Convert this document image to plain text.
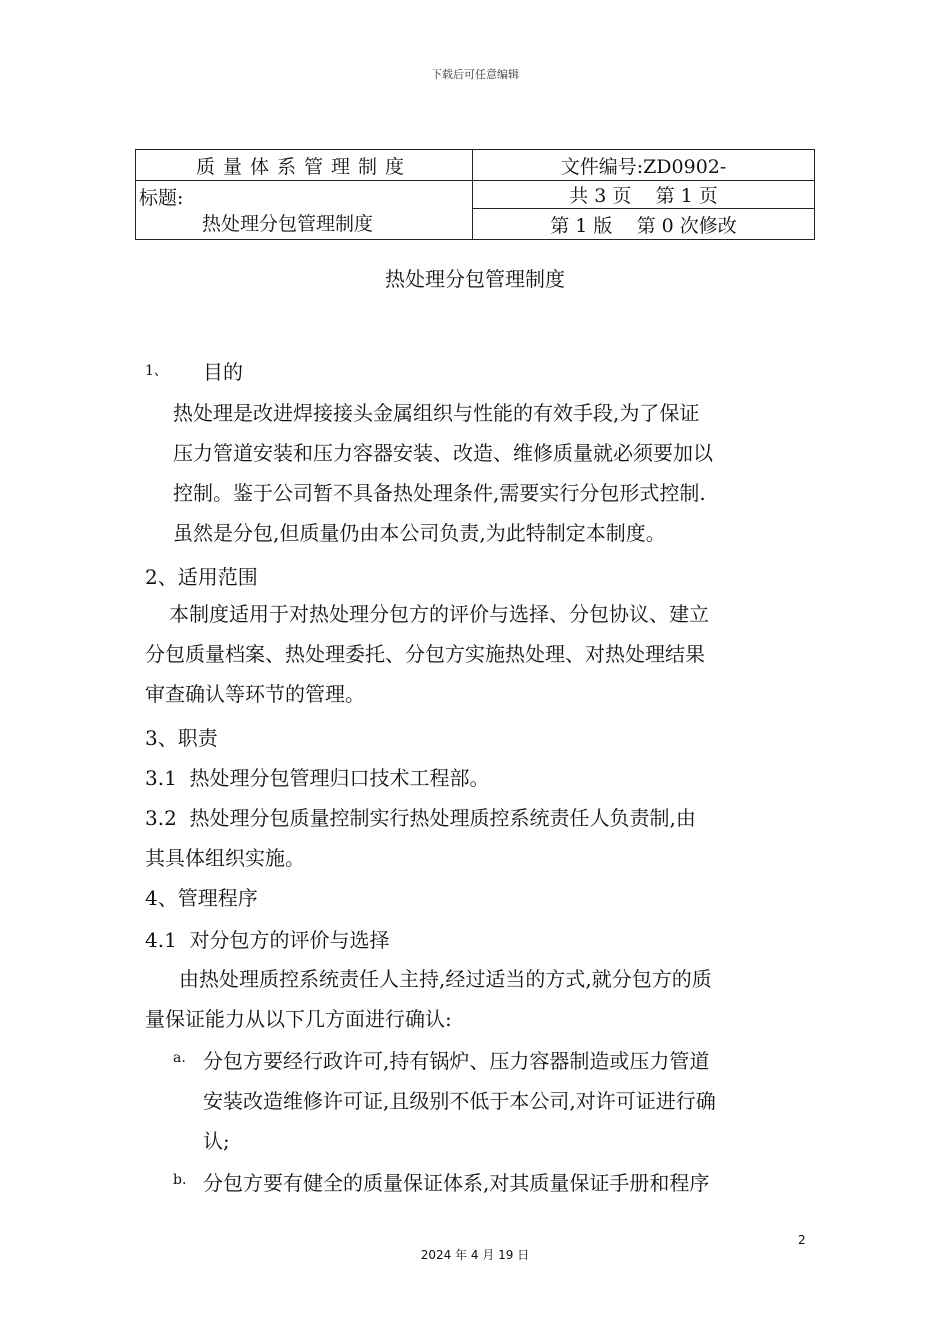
下载后可任意编辑
质量体系管理制度	文件编号:ZD0902-

标题:
热处理分包管理制度	共 3 页    第 1 页
	第 1 版    第 0 次修改
热处理分包管理制度
1、 目的
热处理是改进焊接接头金属组织与性能的有效手段,为了保证
压力管道安装和压力容器安装、改造、维修质量就必须要加以
控制。鉴于公司暂不具备热处理条件,需要实行分包形式控制.
虽然是分包,但质量仍由本公司负责,为此特制定本制度。
2、适用范围
本制度适用于对热处理分包方的评价与选择、分包协议、建立
分包质量档案、热处理委托、分包方实施热处理、对热处理结果
审查确认等环节的管理。
3、职责
3.1  热处理分包管理归口技术工程部。
3.2  热处理分包质量控制实行热处理质控系统责任人负责制,由
其具体组织实施。
4、管理程序
4.1  对分包方的评价与选择
由热处理质控系统责任人主持,经过适当的方式,就分包方的质
量保证能力从以下几方面进行确认:
a. 分包方要经行政许可,持有锅炉、压力容器制造或压力管道
安装改造维修许可证,且级别不低于本公司,对许可证进行确
认;
b. 分包方要有健全的质量保证体系,对其质量保证手册和程序
2
2024 年 4 月 19 日
